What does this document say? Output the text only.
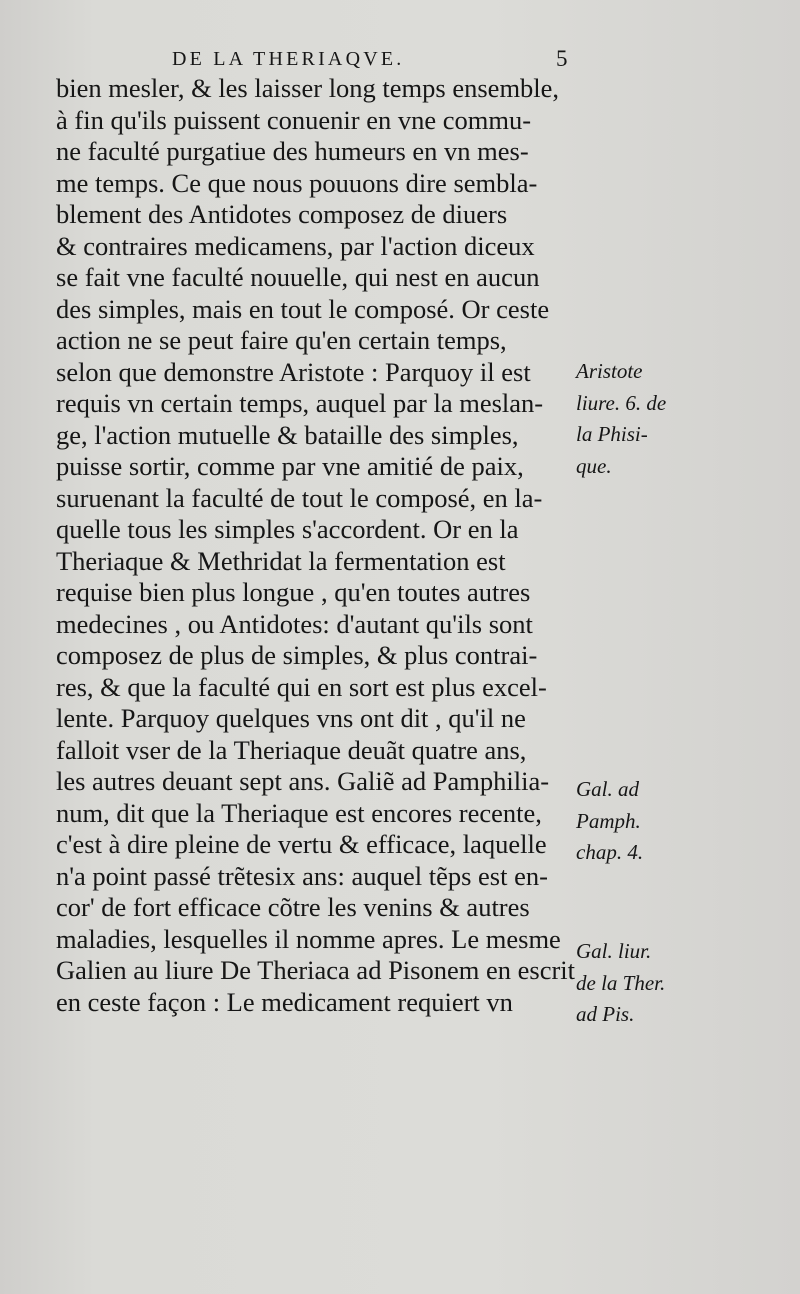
DE LA THERIAQVE.	5
bien mesler, & les laisser long temps ensemble,
à fin qu'ils puissent conuenir en vne commu-
ne faculté purgatiue des humeurs en vn mes-
me temps. Ce que nous pouuons dire sembla-
blement des Antidotes composez de diuers
& contraires medicamens, par l'action diceux
se fait vne faculté nouuelle, qui nest en aucun
des simples, mais en tout le composé. Or ceste
action ne se peut faire qu'en certain temps,
selon que demonstre Aristote : Parquoy il est
requis vn certain temps, auquel par la meslan-
ge, l'action mutuelle & bataille des simples,
puisse sortir, comme par vne amitié de paix,
suruenant la faculté de tout le composé, en la-
quelle tous les simples s'accordent. Or en la
Theriaque & Methridat la fermentation est
requise bien plus longue , qu'en toutes autres
medecines , ou Antidotes: d'autant qu'ils sont
composez de plus de simples, & plus contrai-
res, & que la faculté qui en sort est plus excel-
lente. Parquoy quelques vns ont dit , qu'il ne
falloit vser de la Theriaque deuãt quatre ans,
les autres deuant sept ans. Galiẽ ad Pamphilia-
num, dit que la Theriaque est encores recente,
c'est à dire pleine de vertu & efficace, laquelle
n'a point passé trẽtesix ans: auquel tẽps est en-
cor' de fort efficace cõtre les venins & autres
maladies, lesquelles il nomme apres. Le mesme
Galien au liure De Theriaca ad Pisonem en escrit
en ceste façon : Le medicament requiert vn
Aristote
liure. 6. de
la Phisi-
que.
Gal. ad
Pamph.
chap. 4.
Gal. liur.
de la Ther.
ad Pis.
